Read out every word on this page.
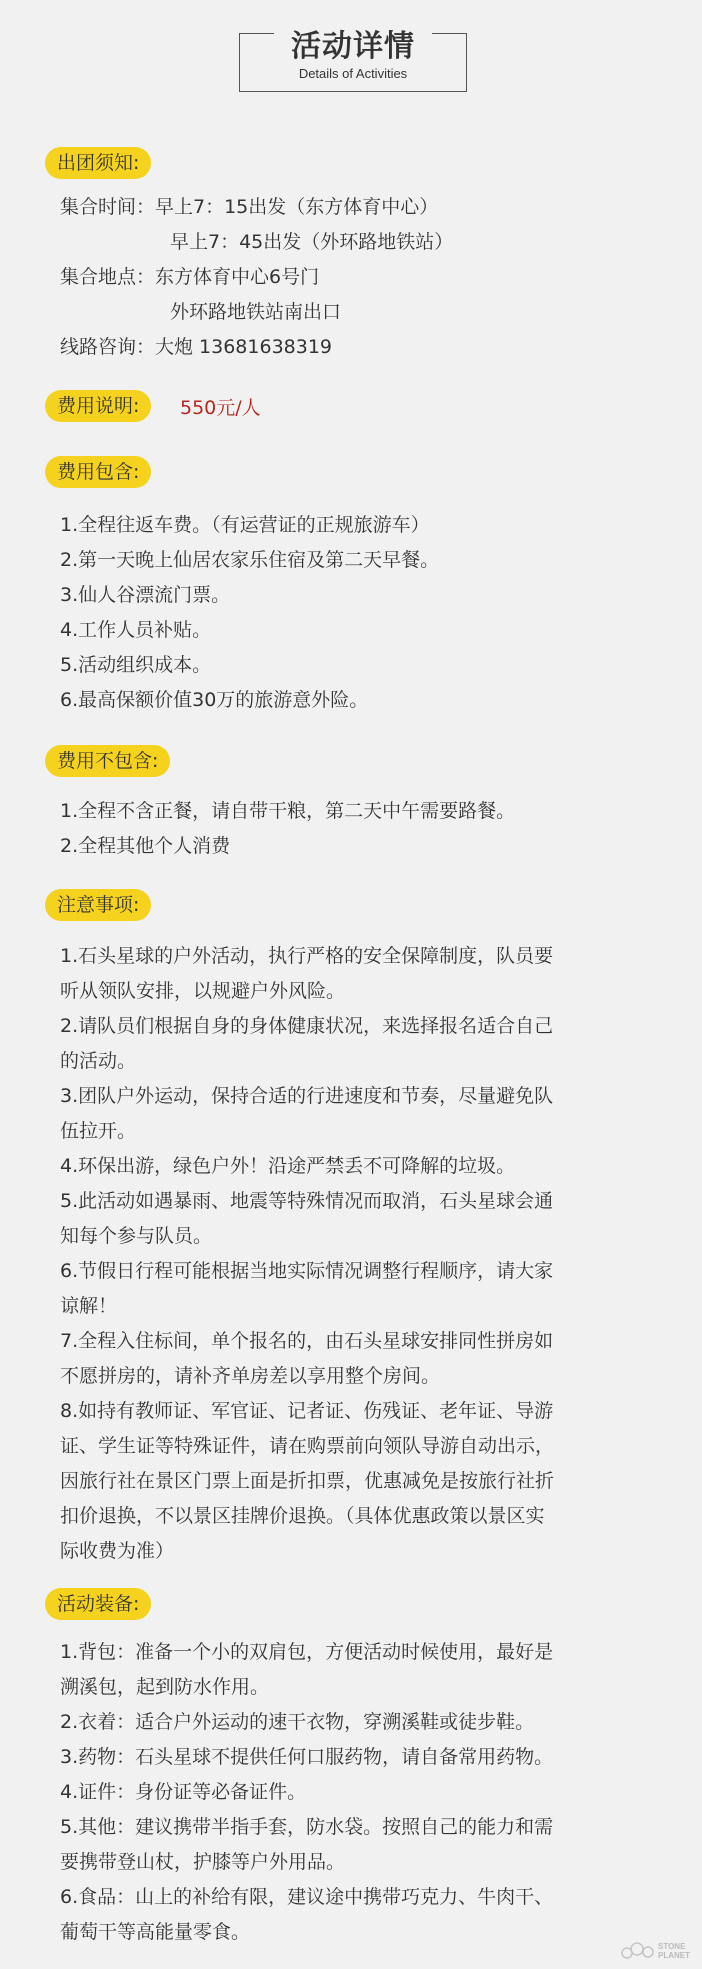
活动详情
Details of Activities
出团须知:
集合时间：早上7：15出发（东方体育中心）
早上7：45出发（外环路地铁站）
集合地点：东方体育中心6号门
外环路地铁站南出口
线路咨询：大炮 13681638319
费用说明:	550元/人
费用包含:
1.全程往返车费。（有运营证的正规旅游车）
2.第一天晚上仙居农家乐住宿及第二天早餐。
3.仙人谷漂流门票。
4.工作人员补贴。
5.活动组织成本。
6.最高保额价值30万的旅游意外险。
费用不包含:
1.全程不含正餐，请自带干粮，第二天中午需要路餐。
2.全程其他个人消费
注意事项:
1.石头星球的户外活动，执行严格的安全保障制度，队员要
听从领队安排，以规避户外风险。
2.请队员们根据自身的身体健康状况，来选择报名适合自己
的活动。
3.团队户外运动，保持合适的行进速度和节奏，尽量避免队
伍拉开。
4.环保出游，绿色户外！沿途严禁丢不可降解的垃圾。
5.此活动如遇暴雨、地震等特殊情况而取消，石头星球会通
知每个参与队员。
6.节假日行程可能根据当地实际情况调整行程顺序，请大家
谅解！
7.全程入住标间，单个报名的，由石头星球安排同性拼房如
不愿拼房的，请补齐单房差以享用整个房间。
8.如持有教师证、军官证、记者证、伤残证、老年证、导游
证、学生证等特殊证件，请在购票前向领队导游自动出示，
因旅行社在景区门票上面是折扣票，优惠减免是按旅行社折
扣价退换，不以景区挂牌价退换。（具体优惠政策以景区实
际收费为准）
活动装备:
1.背包：准备一个小的双肩包，方便活动时候使用，最好是
溯溪包，起到防水作用。
2.衣着：适合户外运动的速干衣物，穿溯溪鞋或徒步鞋。
3.药物：石头星球不提供任何口服药物，请自备常用药物。
4.证件：身份证等必备证件。
5.其他：建议携带半指手套，防水袋。按照自己的能力和需
要携带登山杖，护膝等户外用品。
6.食品：山上的补给有限，建议途中携带巧克力、牛肉干、
葡萄干等高能量零食。
STONE
PLANET
